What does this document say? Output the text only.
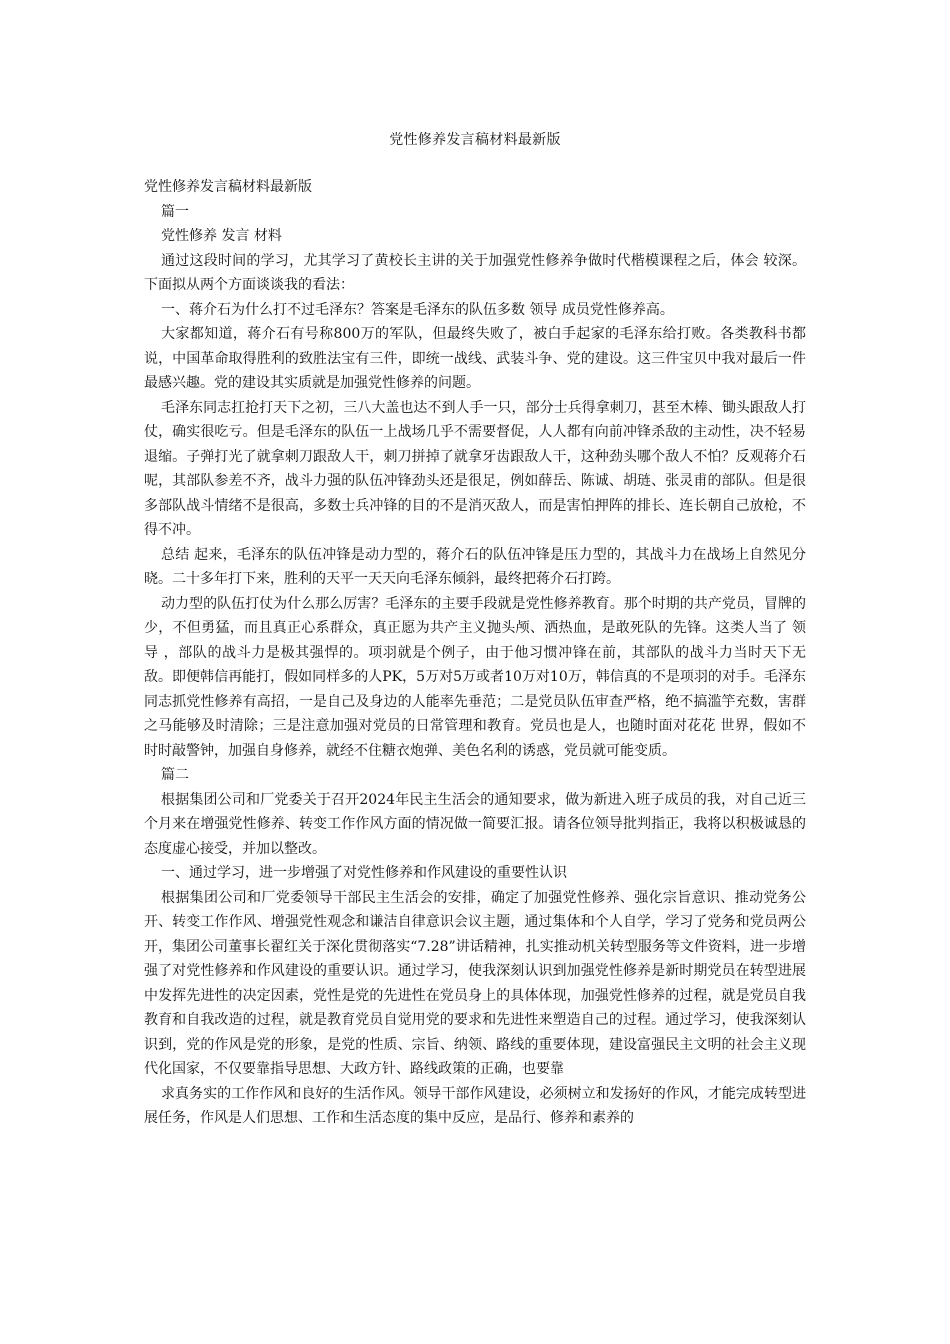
党性修养发言稿材料最新版

党性修养发言稿材料最新版

篇一

党性修养 发言 材料

通过这段时间的学习，尤其学习了黄校长主讲的关于加强党性修养争做时代楷模课程之后，体会 较深。下面拟从两个方面谈谈我的看法：

一、蒋介石为什么打不过毛泽东？答案是毛泽东的队伍多数 领导 成员党性修养高。

大家都知道，蒋介石有号称800万的军队，但最终失败了，被白手起家的毛泽东给打败。各类教科书都说，中国革命取得胜利的致胜法宝有三件，即统一战线、武装斗争、党的建设。这三件宝贝中我对最后一件最感兴趣。党的建设其实质就是加强党性修养的问题。

毛泽东同志扛抢打天下之初，三八大盖也达不到人手一只，部分士兵得拿刺刀，甚至木棒、锄头跟敌人打仗，确实很吃亏。但是毛泽东的队伍一上战场几乎不需要督促，人人都有向前冲锋杀敌的主动性，决不轻易退缩。子弹打光了就拿刺刀跟敌人干，刺刀拼掉了就拿牙齿跟敌人干，这种劲头哪个敌人不怕？反观蒋介石呢，其部队参差不齐，战斗力强的队伍冲锋劲头还是很足，例如薛岳、陈诚、胡琏、张灵甫的部队。但是很多部队战斗情绪不是很高，多数士兵冲锋的目的不是消灭敌人，而是害怕押阵的排长、连长朝自己放枪，不得不冲。

总结 起来，毛泽东的队伍冲锋是动力型的，蒋介石的队伍冲锋是压力型的，其战斗力在战场上自然见分晓。二十多年打下来，胜利的天平一天天向毛泽东倾斜，最终把蒋介石打跨。

动力型的队伍打仗为什么那么厉害？毛泽东的主要手段就是党性修养教育。那个时期的共产党员，冒牌的少，不但勇猛，而且真正心系群众，真正愿为共产主义抛头颅、洒热血，是敢死队的先锋。这类人当了 领导 ，部队的战斗力是极其强悍的。项羽就是个例子，由于他习惯冲锋在前，其部队的战斗力当时天下无敌。即便韩信再能打，假如同样多的人PK，5万对5万或者10万对10万，韩信真的不是项羽的对手。毛泽东同志抓党性修养有高招，一是自己及身边的人能率先垂范；二是党员队伍审查严格，绝不搞滥竽充数，害群之马能够及时清除；三是注意加强对党员的日常管理和教育。党员也是人，也随时面对花花 世界，假如不时时敲警钟，加强自身修养，就经不住糖衣炮弹、美色名利的诱惑，党员就可能变质。

篇二

根据集团公司和厂党委关于召开2024年民主生活会的通知要求，做为新进入班子成员的我，对自己近三个月来在增强党性修养、转变工作作风方面的情况做一简要汇报。请各位领导批判指正，我将以积极诚恳的态度虚心接受，并加以整改。

一、通过学习，进一步增强了对党性修养和作风建设的重要性认识

根据集团公司和厂党委领导干部民主生活会的安排，确定了加强党性修养、强化宗旨意识、推动党务公开、转变工作作风、增强党性观念和谦洁自律意识会议主题，通过集体和个人自学，学习了党务和党员两公开，集团公司董事长翟红关于深化贯彻落实“7.28”讲话精神，扎实推动机关转型服务等文件资料，进一步增强了对党性修养和作风建设的重要认识。通过学习，使我深刻认识到加强党性修养是新时期党员在转型进展中发挥先进性的决定因素，党性是党的先进性在党员身上的具体体现，加强党性修养的过程，就是党员自我教育和自我改造的过程，就是教育党员自觉用党的要求和先进性来塑造自己的过程。通过学习，使我深刻认识到，党的作风是党的形象，是党的性质、宗旨、纳领、路线的重要体现，建设富强民主文明的社会主义现代化国家，不仅要靠指导思想、大政方针、路线政策的正确，也要靠

求真务实的工作作风和良好的生活作风。领导干部作风建设，必须树立和发扬好的作风，才能完成转型进展任务，作风是人们思想、工作和生活态度的集中反应，是品行、修养和素养的
